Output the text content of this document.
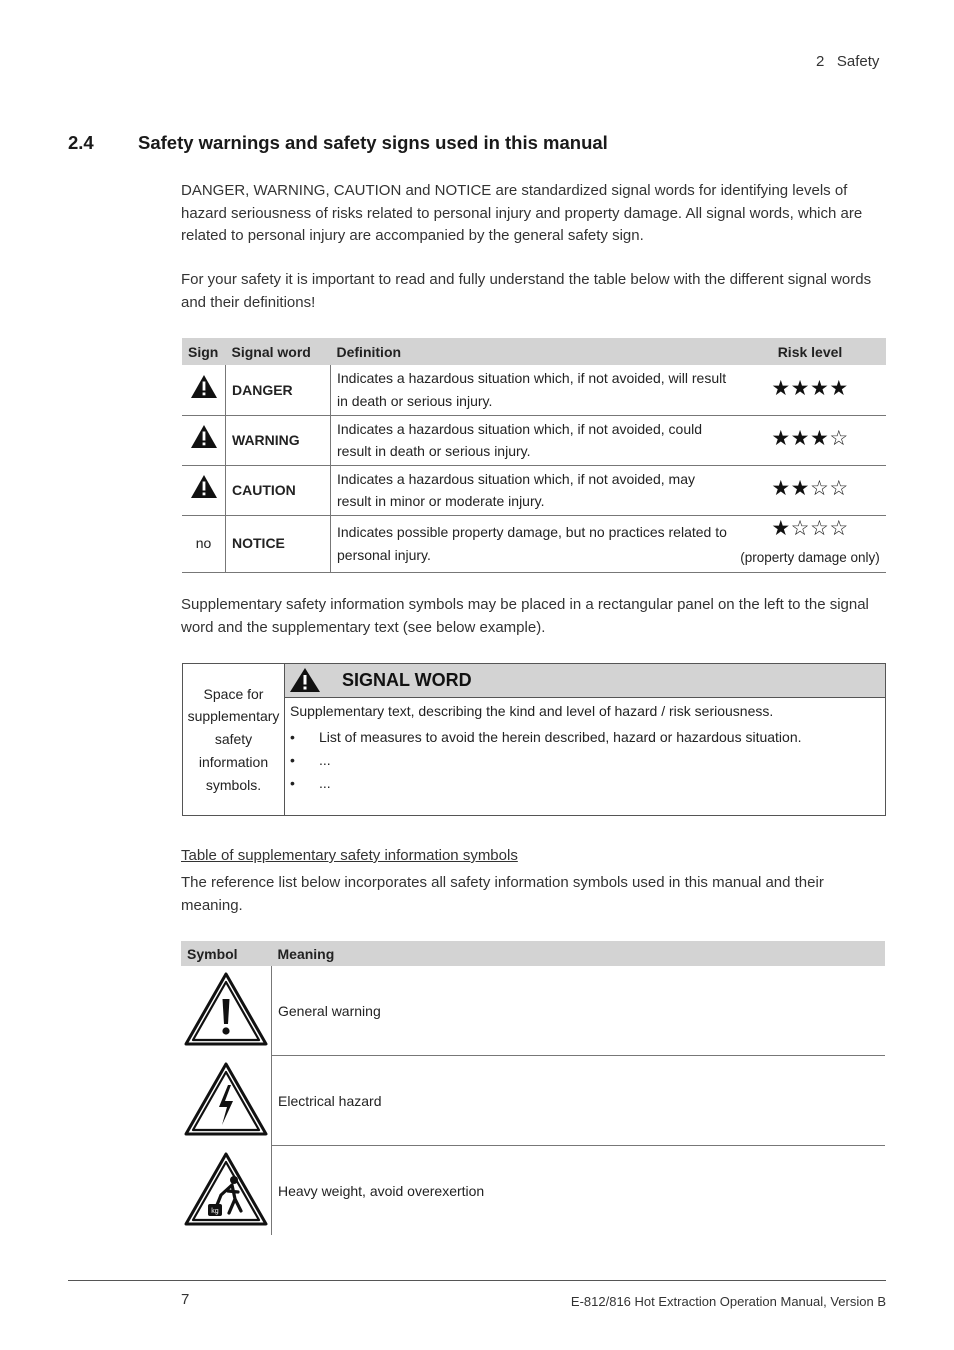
2   Safety
2.4 Safety warnings and safety signs used in this manual

DANGER, WARNING, CAUTION and NOTICE are standardized signal words for identifying levels of hazard seriousness of risks related to personal injury and property damage. All signal words, which are related to personal injury are accompanied by the general safety sign.

For your safety it is important to read and fully understand the table below with the different signal words and their definitions!

Sign	Signal word	Definition	Risk level
	DANGER	Indicates a hazardous situation which, if not avoided, will result in death or serious injury.	★★★★
	WARNING	Indicates a hazardous situation which, if not avoided, could result in death or serious injury.	★★★☆
	CAUTION	Indicates a hazardous situation which, if not avoided, may result in minor or moderate injury.	★★☆☆
no	NOTICE	Indicates possible property damage, but no practices related to personal injury.	★☆☆☆
(property damage only)

Supplementary safety information symbols may be placed in a rectangular panel on the left to the signal word and the supplementary text (see below example).

Space for supplementary safety information symbols.
SIGNAL WORD
Supplementary text, describing the kind and level of hazard / risk seriousness.
• List of measures to avoid the herein described, hazard or hazardous situation.
• ...
• ...
Table of supplementary safety information symbols

The reference list below incorporates all safety information symbols used in this manual and their meaning.

Symbol	Meaning
	General warning
	Electrical hazard

kg	Heavy weight, avoid overexertion
7	E-812/816 Hot Extraction Operation Manual, Version B
